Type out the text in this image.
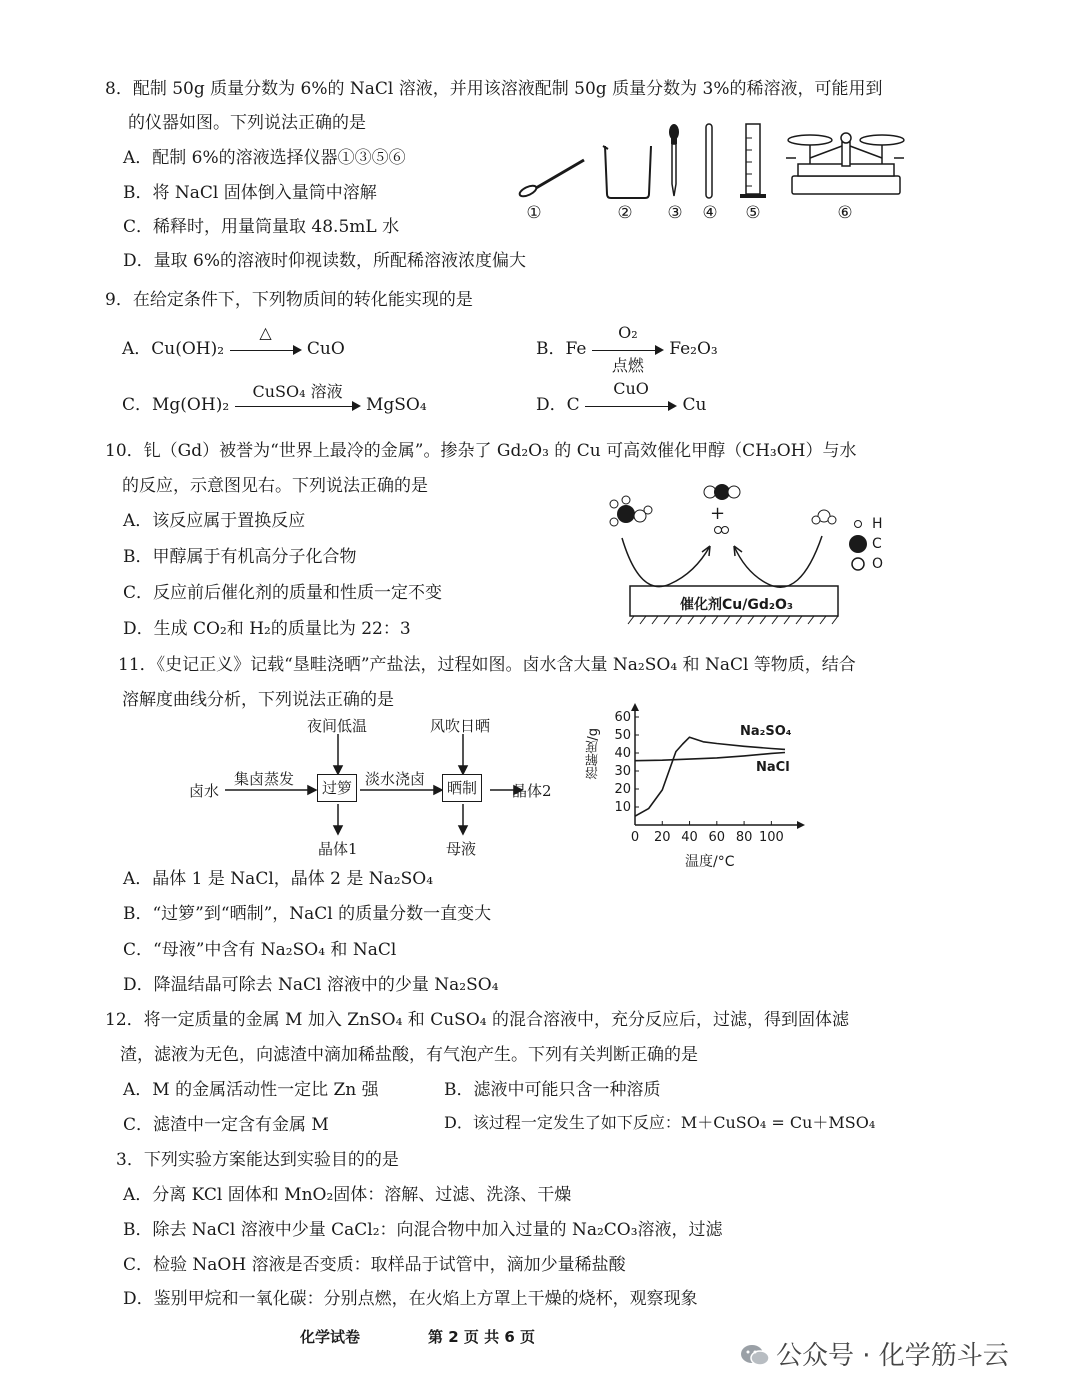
8．配制 50g 质量分数为 6%的 NaCl 溶液，并用该溶液配制 50g 质量分数为 3%的稀溶液，可能用到
的仪器如图。下列说法正确的是
A．配制 6%的溶液选择仪器①③⑤⑥
B．将 NaCl 固体倒入量筒中溶解
C．稀释时，用量筒量取 48.5mL 水
D．量取 6%的溶液时仰视读数，所配稀溶液浓度偏大
①	②	③	④	⑤	⑥
9．在给定条件下，下列物质间的转化能实现的是
A．Cu(OH)₂
△
CuO	B．Fe
O₂
点燃
Fe₂O₃
C．Mg(OH)₂
CuSO₄ 溶液
MgSO₄	D．C
CuO
Cu
10．钆（Gd）被誉为“世界上最冷的金属”。掺杂了 Gd₂O₃ 的 Cu 可高效催化甲醇（CH₃OH）与水
的反应，示意图见右。下列说法正确的是
A．该反应属于置换反应
B．甲醇属于有机高分子化合物
C．反应前后催化剂的质量和性质一定不变
D．生成 CO₂和 H₂的质量比为 22：3
+	H
C
O
催化剂Cu/Gd₂O₃
11．《史记正义》记载“垦畦浇晒”产盐法，过程如图。卤水含大量 Na₂SO₄ 和 NaCl 等物质，结合
溶解度曲线分析，下列说法正确的是
卤水
集卤蒸发	过箩
夜间低温
晶体1
淡水浇卤	晒制
风吹日晒
母液
晶体2
0 20 40 60 80 100
10
20
30
40
50
60
溶解度/g
温度/°C
Na₂SO₄
NaCl
A．晶体 1 是 NaCl，晶体 2 是 Na₂SO₄
B．“过箩”到“晒制”，NaCl 的质量分数一直变大
C．“母液”中含有 Na₂SO₄ 和 NaCl
D．降温结晶可除去 NaCl 溶液中的少量 Na₂SO₄
12．将一定质量的金属 M 加入 ZnSO₄ 和 CuSO₄ 的混合溶液中，充分反应后，过滤，得到固体滤
渣，滤液为无色，向滤渣中滴加稀盐酸，有气泡产生。下列有关判断正确的是
A．M 的金属活动性一定比 Zn 强	B．滤液中可能只含一种溶质
C．滤渣中一定含有金属 M	D．该过程一定发生了如下反应：M＋CuSO₄ = Cu＋MSO₄
3．下列实验方案能达到实验目的的是
A．分离 KCl 固体和 MnO₂固体：溶解、过滤、洗涤、干燥
B．除去 NaCl 溶液中少量 CaCl₂：向混合物中加入过量的 Na₂CO₃溶液，过滤
C．检验 NaOH 溶液是否变质：取样品于试管中，滴加少量稀盐酸
D．鉴别甲烷和一氧化碳：分别点燃，在火焰上方罩上干燥的烧杯，观察现象
化学试卷	第 2 页 共 6 页
公众号 · 化学筋斗云
